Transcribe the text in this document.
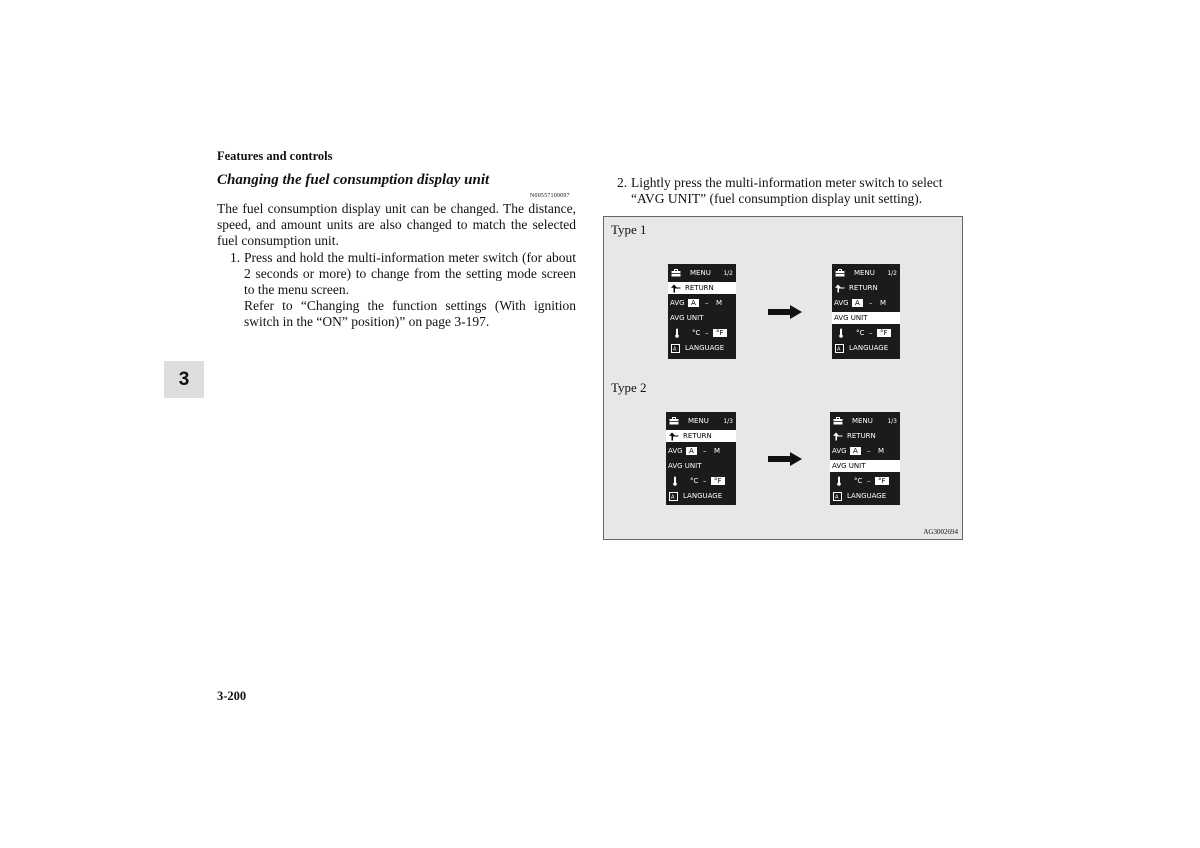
Features and controls
Changing the fuel consumption display unit
N00557100097
The fuel consumption display unit can be changed. The distance, speed, and amount units are also changed to match the selected fuel consumption unit.
1. Press and hold the multi-information meter switch (for about 2 seconds or more) to change from the setting mode screen to the menu screen.
Refer to “Changing the function settings (With ignition switch in the “ON” position)” on page 3-197.
2. Lightly press the multi-information meter switch to select “AVG UNIT” (fuel consumption display unit setting).
3
Type 1
Type 2
MENU 1/2
RETURN
AVG A	– M
AVG UNIT
°C –	°F
A LANGUAGE
MENU 1/2
RETURN
AVG A	– M
AVG UNIT
°C –	°F
A LANGUAGE
MENU 1/3
RETURN
AVG A	– M
AVG UNIT
°C –	°F
A LANGUAGE
MENU 1/3
RETURN
AVG A	– M
AVG UNIT
°C –	°F
A LANGUAGE
AG3002694
3-200
